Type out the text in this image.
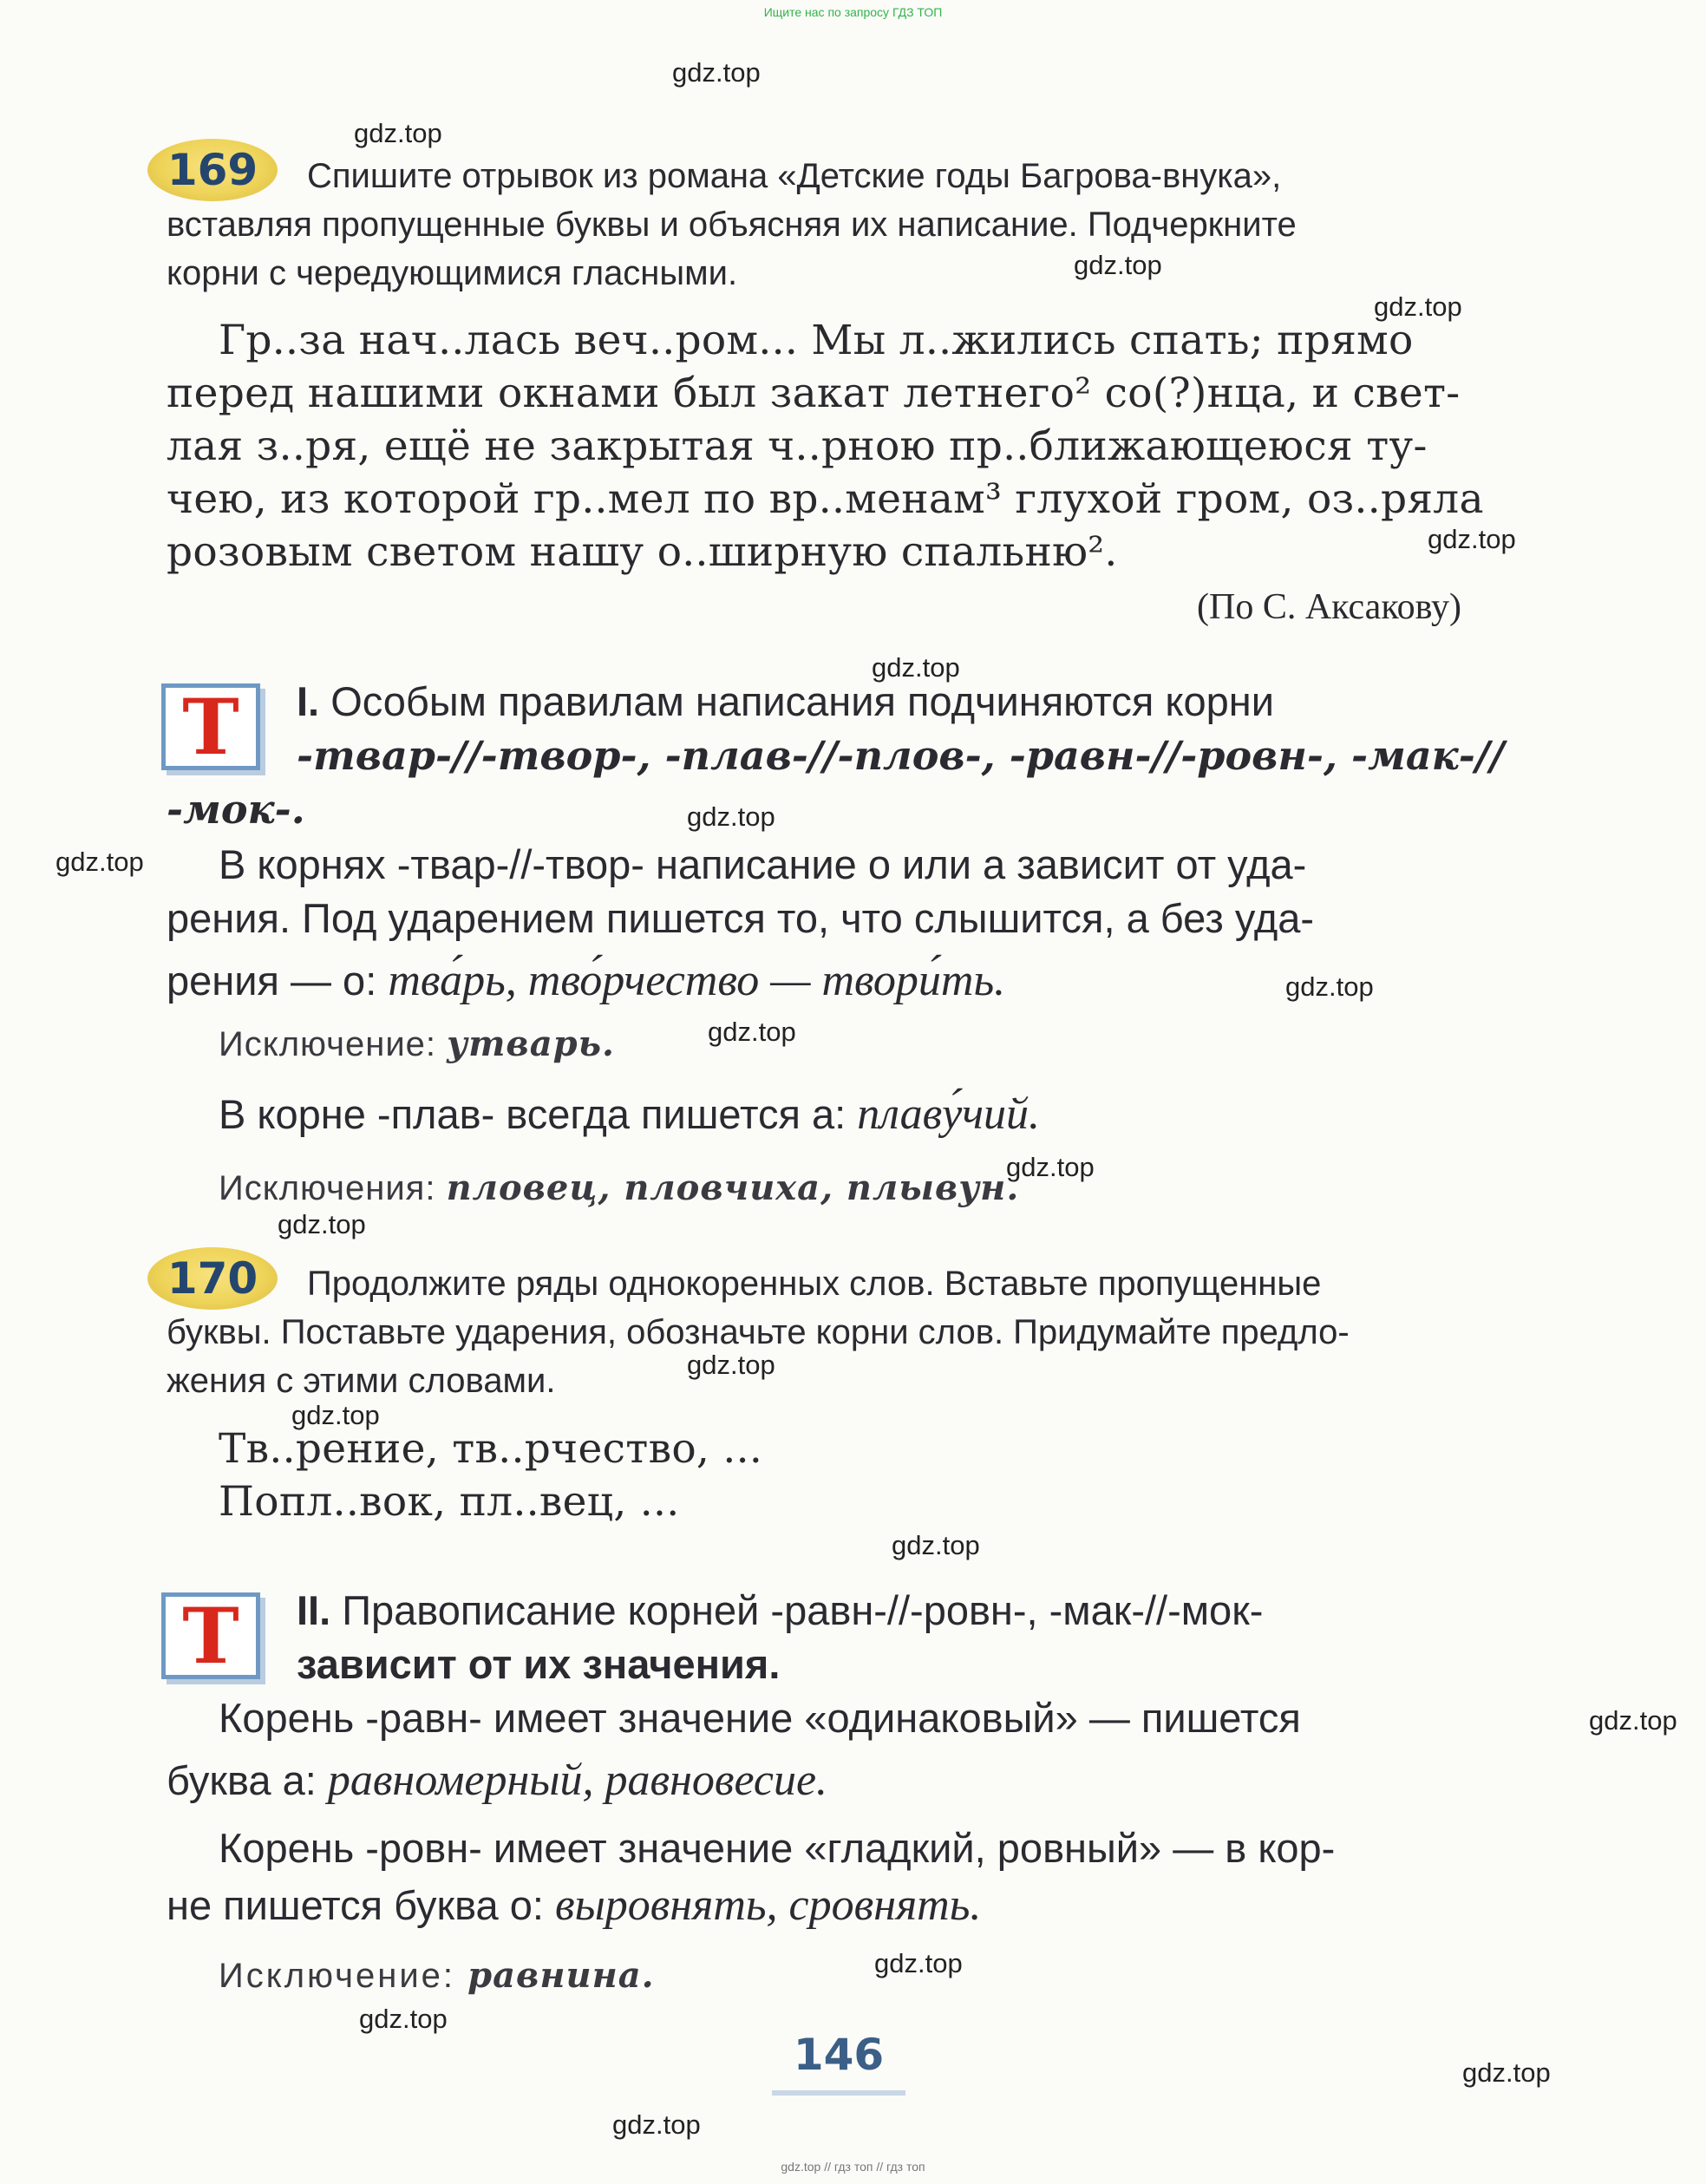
Ищите нас по запросу ГДЗ ТОП
gdz.top
gdz.top
gdz.top
gdz.top
gdz.top
gdz.top
gdz.top
gdz.top
gdz.top
gdz.top
gdz.top
gdz.top
gdz.top
gdz.top
gdz.top
gdz.top
gdz.top
gdz.top
gdz.top
gdz.top
169	Спишите отрывок из романа «Детские годы Багрова-внука»,
вставляя пропущенные буквы и объясняя их написание. Подчеркните
корни с чередующимися гласными.
Гр..за нач..лась веч..ром... Мы л..жились спать; прямо
перед нашими окнами был закат летнего² со(?)нца, и свет-
лая з..ря, ещё не закрытая ч..рною пр..ближающеюся ту-
чею, из которой гр..мел по вр..менам³ глухой гром, оз..ряла
розовым светом нашу о..ширную спальню².
(По С. Аксакову)
Т	I. Особым правилам написания подчиняются корни
-твар-//-твор-, -плав-//-плов-, -равн-//-ровн-, -мак-//
-мок-.
В корнях -твар-//-твор- написание о или а зависит от уда-
рения. Под ударением пишется то, что слышится, а без уда-
рения — о: тва́рь, тво́рчество — твори́ть.
Исключение: утварь.
В корне -плав- всегда пишется а: плаву́чий.
Исключения: пловец, пловчиха, плывун.
170	Продолжите ряды однокоренных слов. Вставьте пропущенные
буквы. Поставьте ударения, обозначьте корни слов. Придумайте предло-
жения с этими словами.
Тв..рение, тв..рчество, ...
Попл..вок, пл..вец, ...
Т	II. Правописание корней -равн-//-ровн-, -мак-//-мок-
зависит от их значения.
Корень -равн- имеет значение «одинаковый» — пишется
буква а: равномерный, равновесие.
Корень -ровн- имеет значение «гладкий, ровный» — в кор-
не пишется буква о: выровнять, сровнять.
Исключение: равнина.
146
gdz.top // гдз топ // гдз топ
